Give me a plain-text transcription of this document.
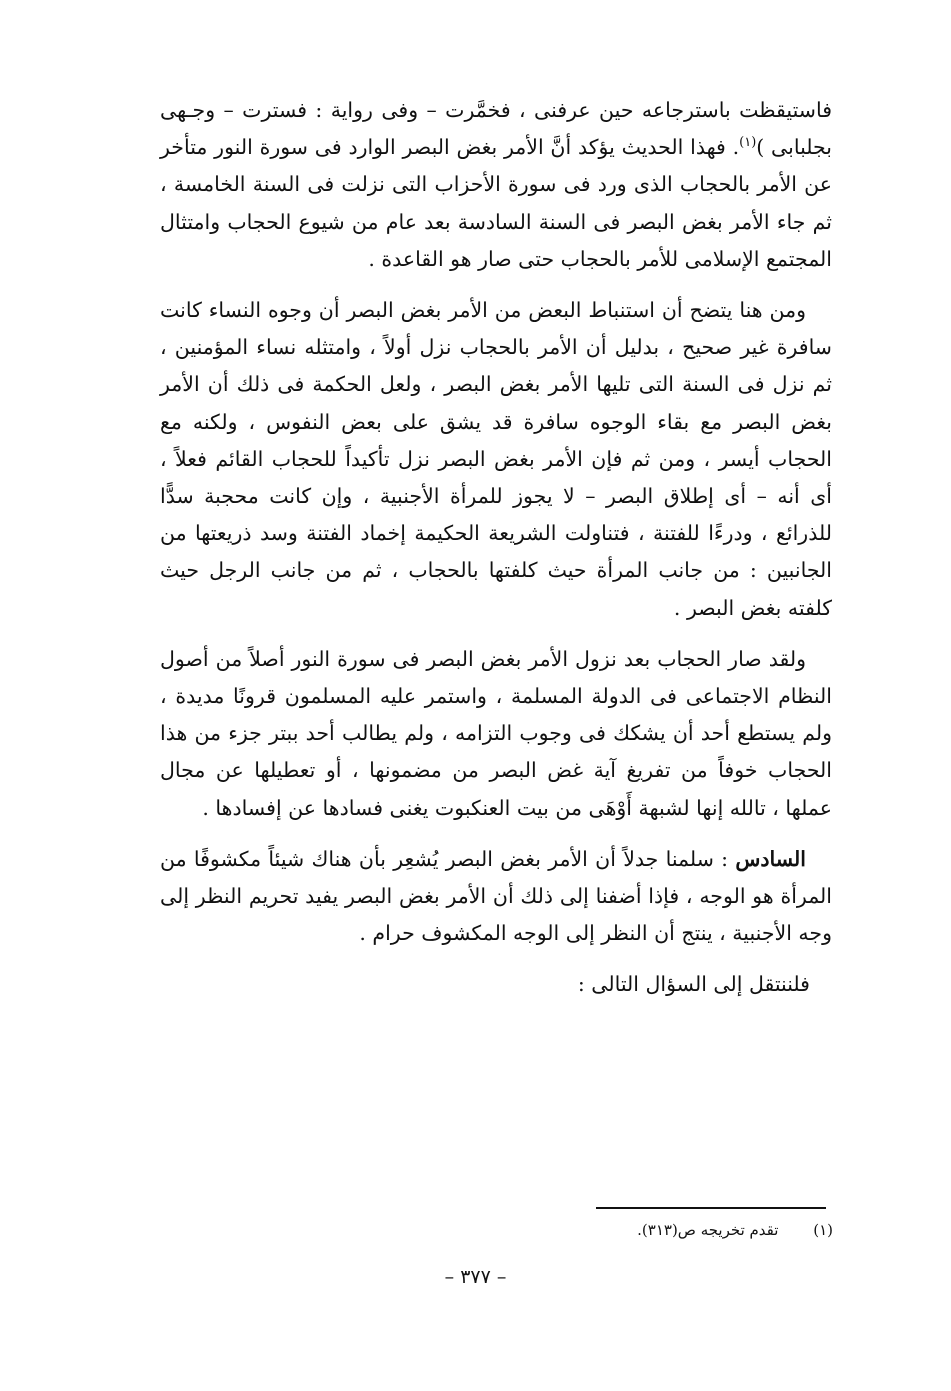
فاستيقظت باسترجاعه حين عرفنى ، فخمَّرت – وفى رواية : فسترت – وجـهى بجلبابى )$^{(١)}$. فهذا الحديث يؤكد أنَّ الأمر بغض البصر الوارد فى سورة النور متأخر عن الأمر بالحجاب الذى ورد فى سورة الأحزاب التى نزلت فى السنة الخامسة ، ثم جاء الأمر بغض البصر فى السنة السادسة بعد عام من شيوع الحجاب وامتثال المجتمع الإسلامى للأمر بالحجاب حتى صار هو القاعدة .

ومن هنا يتضح أن استنباط البعض من الأمر بغض البصر أن وجوه النساء كانت سافرة غير صحيح ، بدليل أن الأمر بالحجاب نزل أولاً ، وامتثله نساء المؤمنين ، ثم نزل فى السنة التى تليها الأمر بغض البصر ، ولعل الحكمة فى ذلك أن الأمر بغض البصر مع بقاء الوجوه سافرة قد يشق على بعض النفوس ، ولكنه مع الحجاب أيسر ، ومن ثم فإن الأمر بغض البصر نزل تأكيداً للحجاب القائم فعلاً ، أى أنه – أى إطلاق البصر – لا يجوز للمرأة الأجنبية ، وإن كانت محجبة سدًّا للذرائع ، ودرءًا للفتنة ، فتناولت الشريعة الحكيمة إخماد الفتنة وسد ذريعتها من الجانبين : من جانب المرأة حيث كلفتها بالحجاب ، ثم من جانب الرجل حيث كلفته بغض البصر .

ولقد صار الحجاب بعد نزول الأمر بغض البصر فى سورة النور أصلاً من أصول النظام الاجتماعى فى الدولة المسلمة ، واستمر عليه المسلمون قرونًا مديدة ، ولم يستطع أحد أن يشكك فى وجوب التزامه ، ولم يطالب أحد ببتر جزء من هذا الحجاب خوفاً من تفريغ آية غض البصر من مضمونها ، أو تعطيلها عن مجال عملها ، تالله إنها لشبهة أَوْهَى من بيت العنكبوت يغنى فسادها عن إفسادها .

السادس : سلمنا جدلاً أن الأمر بغض البصر يُشعِر بأن هناك شيئاً مكشوفًا من المرأة هو الوجه ، فإذا أضفنا إلى ذلك أن الأمر بغض البصر يفيد تحريم النظر إلى وجه الأجنبية ، ينتج أن النظر إلى الوجه المكشوف حرام .

فلننتقل إلى السؤال التالى :

(١) تقدم تخريجه ص(٣١٣).
– ٣٧٧ –
